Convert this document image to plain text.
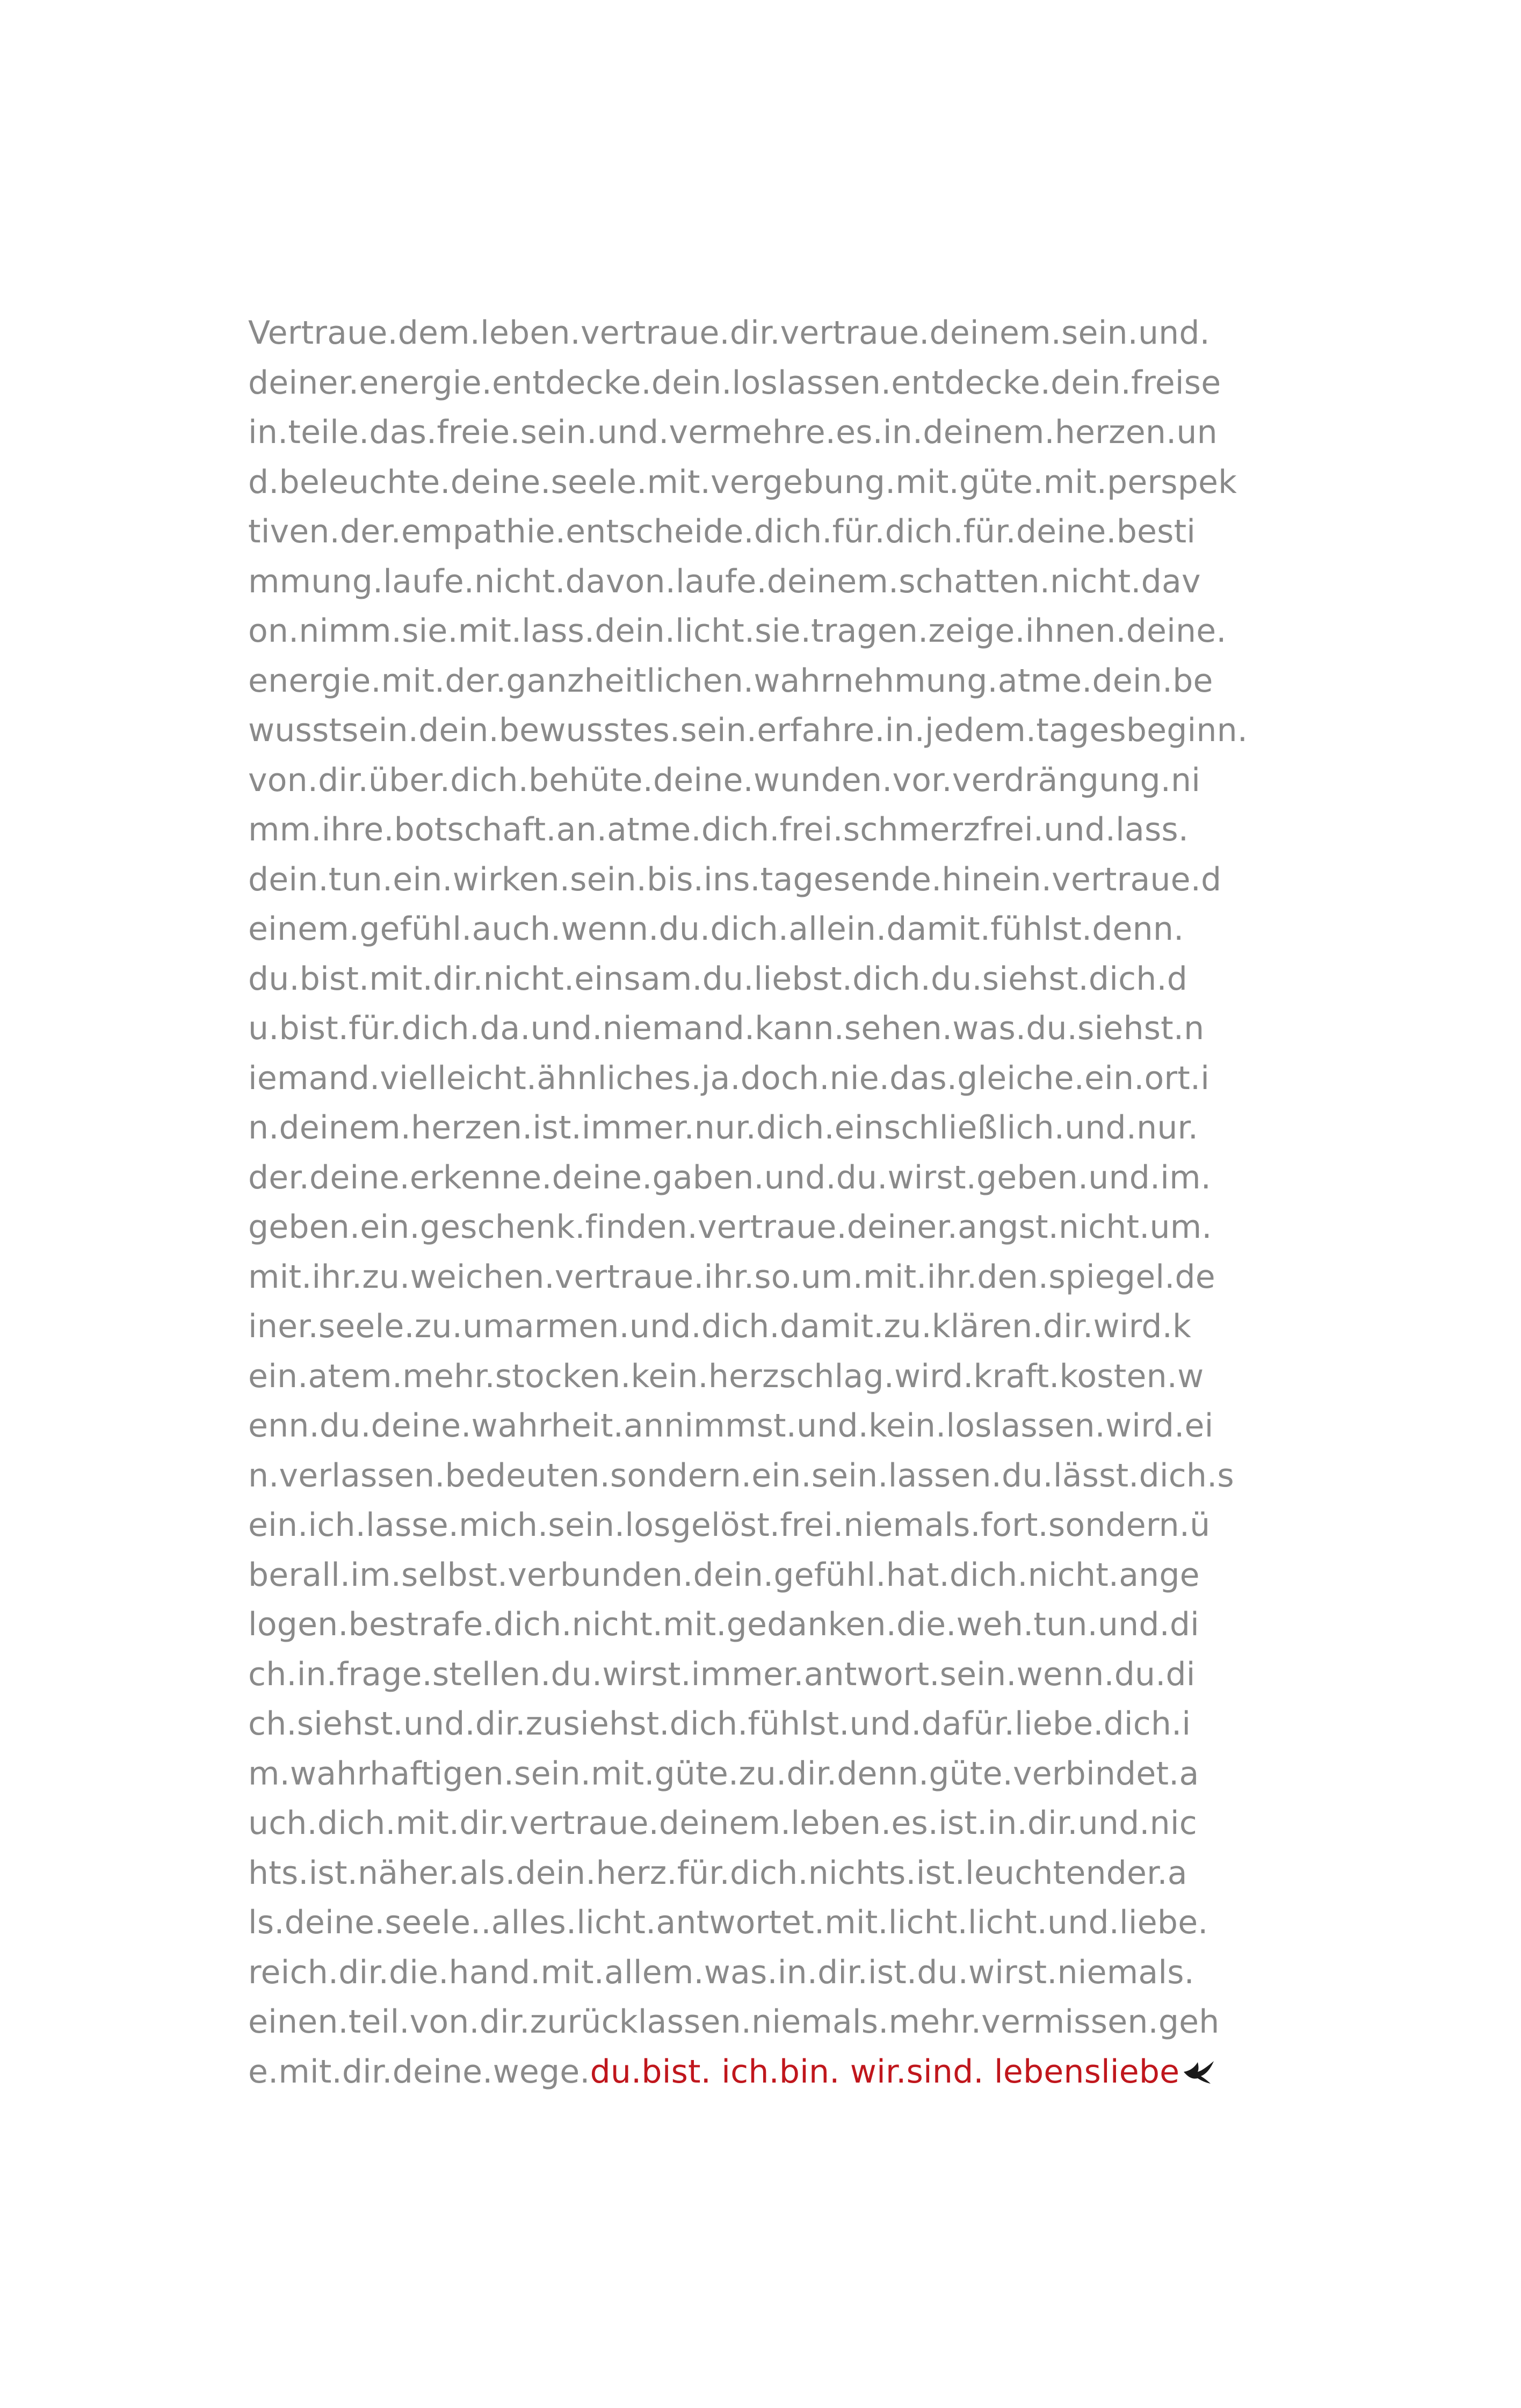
Vertraue.dem.leben.vertraue.dir.vertraue.deinem.sein.und.
deiner.energie.entdecke.dein.loslassen.entdecke.dein.freise
in.teile.das.freie.sein.und.vermehre.es.in.deinem.herzen.un
d.beleuchte.deine.seele.mit.vergebung.mit.güte.mit.perspek
tiven.der.empathie.entscheide.dich.für.dich.für.deine.besti
mmung.laufe.nicht.davon.laufe.deinem.schatten.nicht.dav
on.nimm.sie.mit.lass.dein.licht.sie.tragen.zeige.ihnen.deine.
energie.mit.der.ganzheitlichen.wahrnehmung.atme.dein.be
wusstsein.dein.bewusstes.sein.erfahre.in.jedem.tagesbeginn.
von.dir.über.dich.behüte.deine.wunden.vor.verdrängung.ni
mm.ihre.botschaft.an.atme.dich.frei.schmerzfrei.und.lass.
dein.tun.ein.wirken.sein.bis.ins.tagesende.hinein.vertraue.d
einem.gefühl.auch.wenn.du.dich.allein.damit.fühlst.denn.
du.bist.mit.dir.nicht.einsam.du.liebst.dich.du.siehst.dich.d
u.bist.für.dich.da.und.niemand.kann.sehen.was.du.siehst.n
iemand.vielleicht.ähnliches.ja.doch.nie.das.gleiche.ein.ort.i
n.deinem.herzen.ist.immer.nur.dich.einschließlich.und.nur.
der.deine.erkenne.deine.gaben.und.du.wirst.geben.und.im.
geben.ein.geschenk.finden.vertraue.deiner.angst.nicht.um.
mit.ihr.zu.weichen.vertraue.ihr.so.um.mit.ihr.den.spiegel.de
iner.seele.zu.umarmen.und.dich.damit.zu.klären.dir.wird.k
ein.atem.mehr.stocken.kein.herzschlag.wird.kraft.kosten.w
enn.du.deine.wahrheit.annimmst.und.kein.loslassen.wird.ei
n.verlassen.bedeuten.sondern.ein.sein.lassen.du.lässt.dich.s
ein.ich.lasse.mich.sein.losgelöst.frei.niemals.fort.sondern.ü
berall.im.selbst.verbunden.dein.gefühl.hat.dich.nicht.ange
logen.bestrafe.dich.nicht.mit.gedanken.die.weh.tun.und.di
ch.in.frage.stellen.du.wirst.immer.antwort.sein.wenn.du.di
ch.siehst.und.dir.zusiehst.dich.fühlst.und.dafür.liebe.dich.i
m.wahrhaftigen.sein.mit.güte.zu.dir.denn.güte.verbindet.a
uch.dich.mit.dir.vertraue.deinem.leben.es.ist.in.dir.und.nic
hts.ist.näher.als.dein.herz.für.dich.nichts.ist.leuchtender.a
ls.deine.seele..alles.licht.antwortet.mit.licht.licht.und.liebe.
reich.dir.die.hand.mit.allem.was.in.dir.ist.du.wirst.niemals.
einen.teil.von.dir.zurücklassen.niemals.mehr.vermissen.geh
e.mit.dir.deine.wege.du.bist. ich.bin. wir.sind. lebensliebe
